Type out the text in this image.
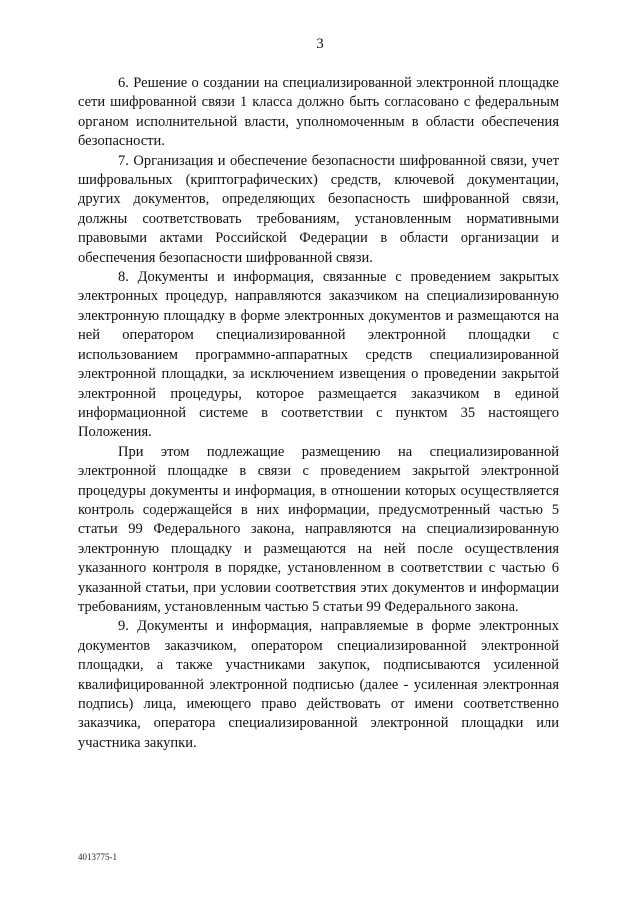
3

6. Решение о создании на специализированной электронной площадке сети шифрованной связи 1 класса должно быть согласовано с федеральным органом исполнительной власти, уполномоченным в области обеспечения безопасности.

7. Организация и обеспечение безопасности шифрованной связи, учет шифровальных (криптографических) средств, ключевой документации, других документов, определяющих безопасность шифрованной связи, должны соответствовать требованиям, установленным нормативными правовыми актами Российской Федерации в области организации и обеспечения безопасности шифрованной связи.

8. Документы и информация, связанные с проведением закрытых электронных процедур, направляются заказчиком на специализированную электронную площадку в форме электронных документов и размещаются на ней оператором специализированной электронной площадки с использованием программно-аппаратных средств специализированной электронной площадки, за исключением извещения о проведении закрытой электронной процедуры, которое размещается заказчиком в единой информационной системе в соответствии с пунктом 35 настоящего Положения.

При этом подлежащие размещению на специализированной электронной площадке в связи с проведением закрытой электронной процедуры документы и информация, в отношении которых осуществляется контроль содержащейся в них информации, предусмотренный частью 5 статьи 99 Федерального закона, направляются на специализированную электронную площадку и размещаются на ней после осуществления указанного контроля в порядке, установленном в соответствии с частью 6 указанной статьи, при условии соответствия этих документов и информации требованиям, установленным частью 5 статьи 99 Федерального закона.

9. Документы и информация, направляемые в форме электронных документов заказчиком, оператором специализированной электронной площадки, а также участниками закупок, подписываются усиленной квалифицированной электронной подписью (далее - усиленная электронная подпись) лица, имеющего право действовать от имени соответственно заказчика, оператора специализированной электронной площадки или участника закупки.

4013775-1
